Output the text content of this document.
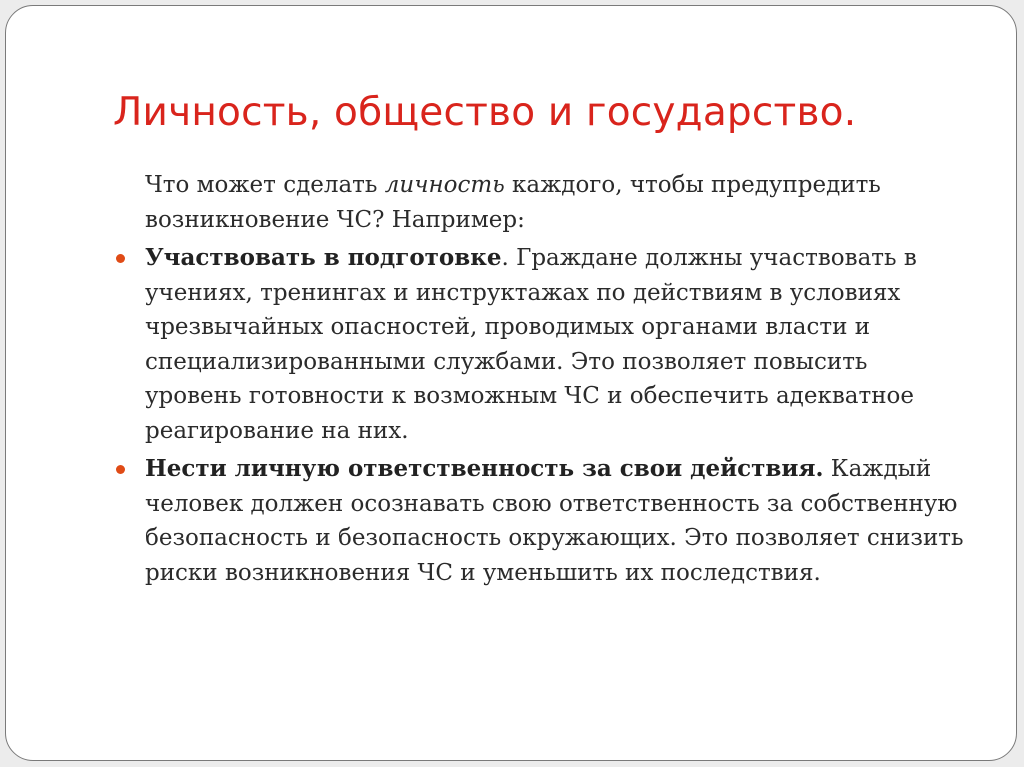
Личность, общество и государство.

Что может сделать личность каждого, чтобы предупредить возникновение ЧС? Например:

Участвовать в подготовке. Граждане должны участвовать в учениях, тренингах и инструктажах по действиям в условиях чрезвычайных опасностей, проводимых органами власти и специализированными службами. Это позволяет повысить уровень готовности к возможным ЧС и обеспечить адекватное реагирование на них.

Нести личную ответственность за свои действия. Каждый человек должен осознавать свою ответственность за собственную безопасность и безопасность окружающих. Это позволяет снизить риски возникновения ЧС и уменьшить их последствия.
